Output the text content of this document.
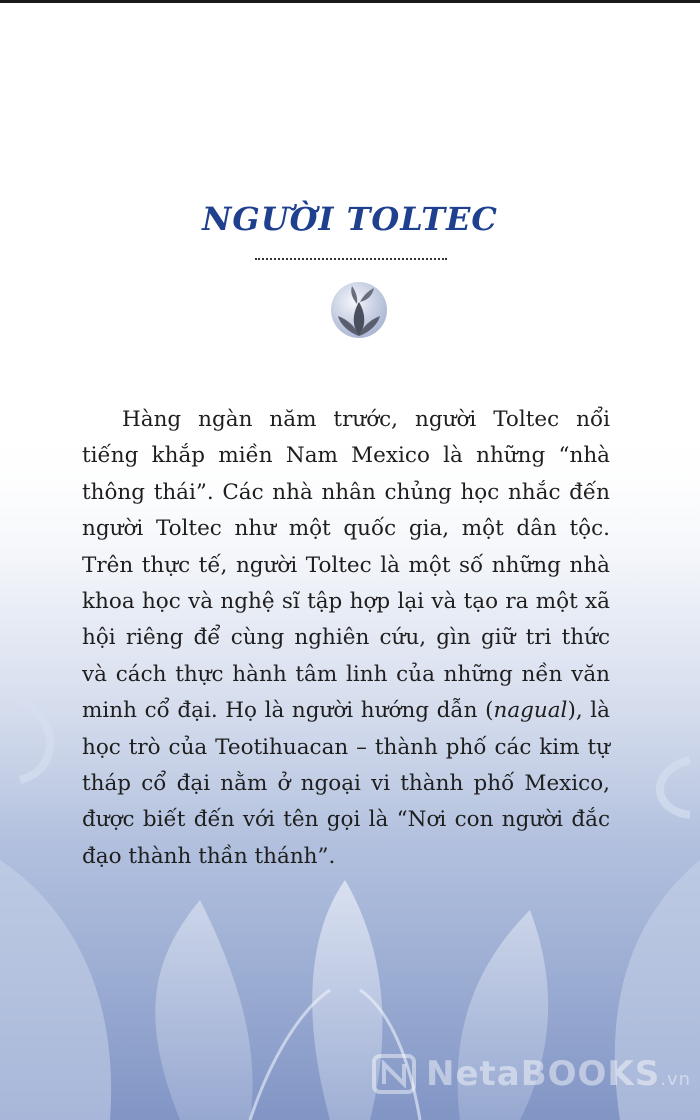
NGƯỜI TOLTEC

Hàng ngàn năm trước, người Toltec nổi tiếng khắp miền Nam Mexico là những “nhà thông thái”. Các nhà nhân chủng học nhắc đến người Toltec như một quốc gia, một dân tộc. Trên thực tế, người Toltec là một số những nhà khoa học và nghệ sĩ tập hợp lại và tạo ra một xã hội riêng để cùng nghiên cứu, gìn giữ tri thức và cách thực hành tâm linh của những nền văn minh cổ đại. Họ là người hướng dẫn (nagual), là học trò của Teotihuacan – thành phố các kim tự tháp cổ đại nằm ở ngoại vi thành phố Mexico, được biết đến với tên gọi là “Nơi con người đắc đạo thành thần thánh”.

NetaBOOKS.vn
